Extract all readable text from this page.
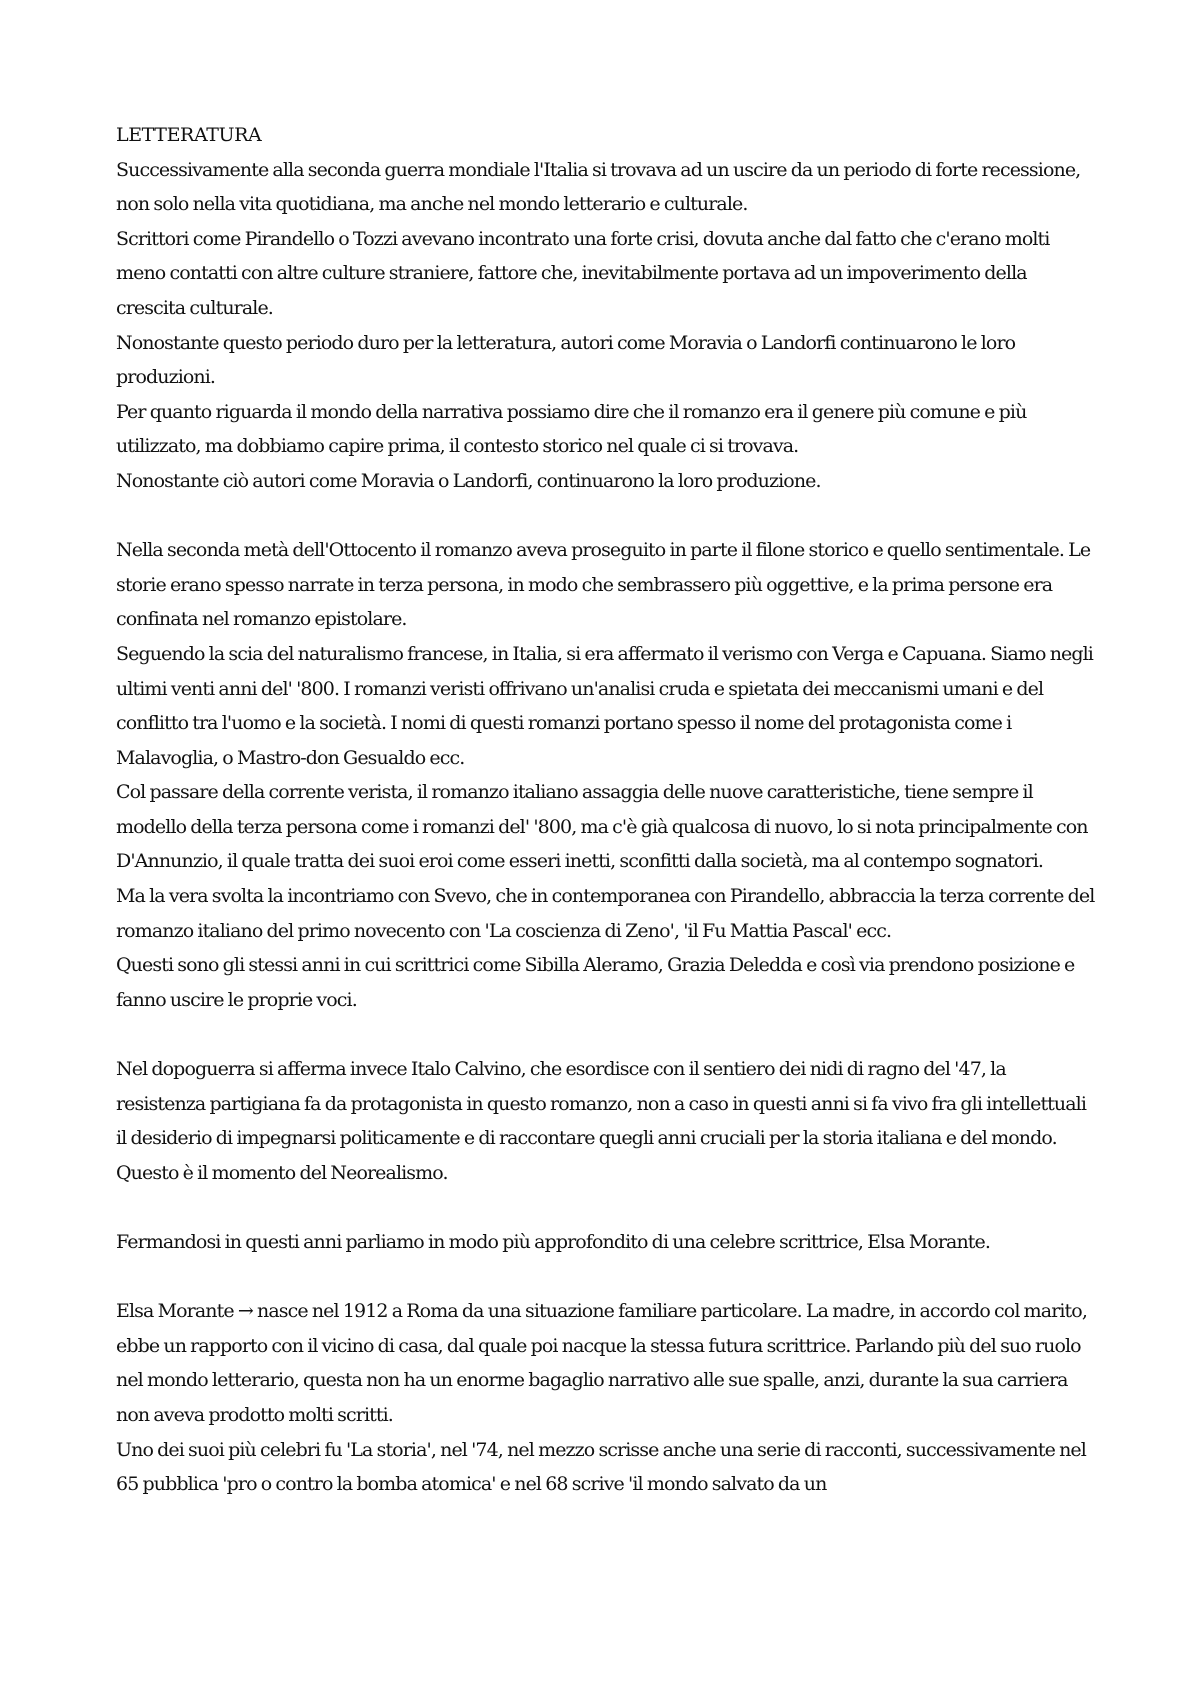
LETTERATURA

Successivamente alla seconda guerra mondiale l'Italia si trovava ad un uscire da un periodo di forte recessione, non solo nella vita quotidiana, ma anche nel mondo letterario e culturale.

Scrittori come Pirandello o Tozzi avevano incontrato una forte crisi, dovuta anche dal fatto che c'erano molti meno contatti con altre culture straniere, fattore che, inevitabilmente portava ad un impoverimento della crescita culturale.

Nonostante questo periodo duro per la letteratura, autori come Moravia o Landorfi continuarono le loro produzioni.

Per quanto riguarda il mondo della narrativa possiamo dire che il romanzo era il genere più comune e più utilizzato, ma dobbiamo capire prima, il contesto storico nel quale ci si trovava.

Nonostante ciò autori come Moravia o Landorfi, continuarono la loro produzione.

Nella seconda metà dell'Ottocento il romanzo aveva proseguito in parte il filone storico e quello sentimentale. Le storie erano spesso narrate in terza persona, in modo che sembrassero più oggettive, e la prima persone era confinata nel romanzo epistolare.

Seguendo la scia del naturalismo francese, in Italia, si era affermato il verismo con Verga e Capuana. Siamo negli ultimi venti anni del' '800. I romanzi veristi offrivano un'analisi cruda e spietata dei meccanismi umani e del conflitto tra l'uomo e la società. I nomi di questi romanzi portano spesso il nome del protagonista come i Malavoglia, o Mastro-don Gesualdo ecc.

Col passare della corrente verista, il romanzo italiano assaggia delle nuove caratteristiche, tiene sempre il modello della terza persona come i romanzi del' '800, ma c'è già qualcosa di nuovo, lo si nota principalmente con D'Annunzio, il quale tratta dei suoi eroi come esseri inetti, sconfitti dalla società, ma al contempo sognatori.

Ma la vera svolta la incontriamo con Svevo, che in contemporanea con Pirandello, abbraccia la terza corrente del romanzo italiano del primo novecento con 'La coscienza di Zeno', 'il Fu Mattia Pascal' ecc.

Questi sono gli stessi anni in cui scrittrici come Sibilla Aleramo, Grazia Deledda e così via prendono posizione e fanno uscire le proprie voci.

Nel dopoguerra si afferma invece Italo Calvino, che esordisce con il sentiero dei nidi di ragno del '47, la resistenza partigiana fa da protagonista in questo romanzo, non a caso in questi anni si fa vivo fra gli intellettuali il desiderio di impegnarsi politicamente e di raccontare quegli anni cruciali per la storia italiana e del mondo. Questo è il momento del Neorealismo.

Fermandosi in questi anni parliamo in modo più approfondito di una celebre scrittrice, Elsa Morante.

Elsa Morante → nasce nel 1912 a Roma da una situazione familiare particolare. La madre, in accordo col marito, ebbe un rapporto con il vicino di casa, dal quale poi nacque la stessa futura scrittrice. Parlando più del suo ruolo nel mondo letterario, questa non ha un enorme bagaglio narrativo alle sue spalle, anzi, durante la sua carriera non aveva prodotto molti scritti.

Uno dei suoi più celebri fu 'La storia', nel '74, nel mezzo scrisse anche una serie di racconti, successivamente nel 65 pubblica 'pro o contro la bomba atomica' e nel 68 scrive 'il mondo salvato da un
